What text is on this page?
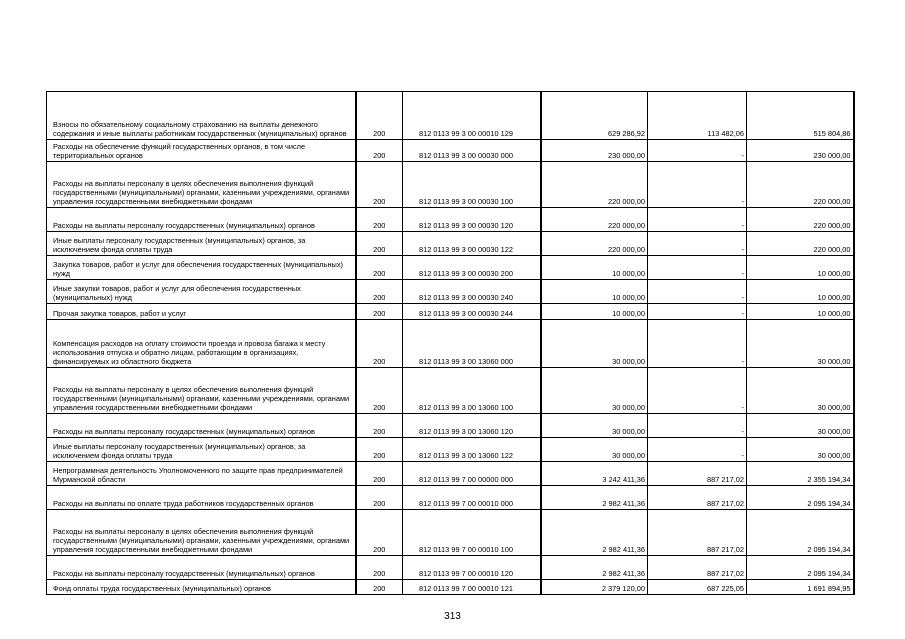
Взносы по обязательному социальному страхованию на выплаты денежного содержания и иные выплаты работникам государственных (муниципальных) органов	200	812 0113 99 3 00 00010 129	629 286,92	113 482,06	515 804,86
Расходы на обеспечение функций государственных органов, в том числе территориальных органов	200	812 0113 99 3 00 00030 000	230 000,00	-	230 000,00
Расходы на выплаты персоналу в целях обеспечения выполнения функций государственными (муниципальными) органами, казенными учреждениями, органами управления государственными внебюджетными фондами	200	812 0113 99 3 00 00030 100	220 000,00	-	220 000,00
Расходы на выплаты персоналу государственных (муниципальных) органов	200	812 0113 99 3 00 00030 120	220 000,00	-	220 000,00
Иные выплаты персоналу государственных (муниципальных) органов, за исключением фонда оплаты труда	200	812 0113 99 3 00 00030 122	220 000,00	-	220 000,00
Закупка товаров, работ и услуг для обеспечения государственных (муниципальных) нужд	200	812 0113 99 3 00 00030 200	10 000,00	-	10 000,00
Иные закупки товаров, работ и услуг для обеспечения государственных (муниципальных) нужд	200	812 0113 99 3 00 00030 240	10 000,00	-	10 000,00
Прочая закупка товаров, работ и услуг	200	812 0113 99 3 00 00030 244	10 000,00	-	10 000,00
Компенсация расходов на оплату стоимости проезда и провоза багажа к месту использования отпуска и обратно лицам, работающим в организациях, финансируемых из областного бюджета	200	812 0113 99 3 00 13060 000	30 000,00	-	30 000,00
Расходы на выплаты персоналу в целях обеспечения выполнения функций государственными (муниципальными) органами, казенными учреждениями, органами управления государственными внебюджетными фондами	200	812 0113 99 3 00 13060 100	30 000,00	-	30 000,00
Расходы на выплаты персоналу государственных (муниципальных) органов	200	812 0113 99 3 00 13060 120	30 000,00	-	30 000,00
Иные выплаты персоналу государственных (муниципальных) органов, за исключением фонда оплаты труда	200	812 0113 99 3 00 13060 122	30 000,00	-	30 000,00
Непрограммная деятельность Уполномоченного по защите прав предпринимателей Мурманской области	200	812 0113 99 7 00 00000 000	3 242 411,36	887 217,02	2 355 194,34
Расходы на выплаты по оплате труда работников государственных органов	200	812 0113 99 7 00 00010 000	2 982 411,36	887 217,02	2 095 194,34
Расходы на выплаты персоналу в целях обеспечения выполнения функций государственными (муниципальными) органами, казенными учреждениями, органами управления государственными внебюджетными фондами	200	812 0113 99 7 00 00010 100	2 982 411,36	887 217,02	2 095 194,34
Расходы на выплаты персоналу государственных (муниципальных) органов	200	812 0113 99 7 00 00010 120	2 982 411,36	887 217,02	2 095 194,34
Фонд оплаты труда государственных (муниципальных) органов	200	812 0113 99 7 00 00010 121	2 379 120,00	687 225,05	1 691 894,95
313
